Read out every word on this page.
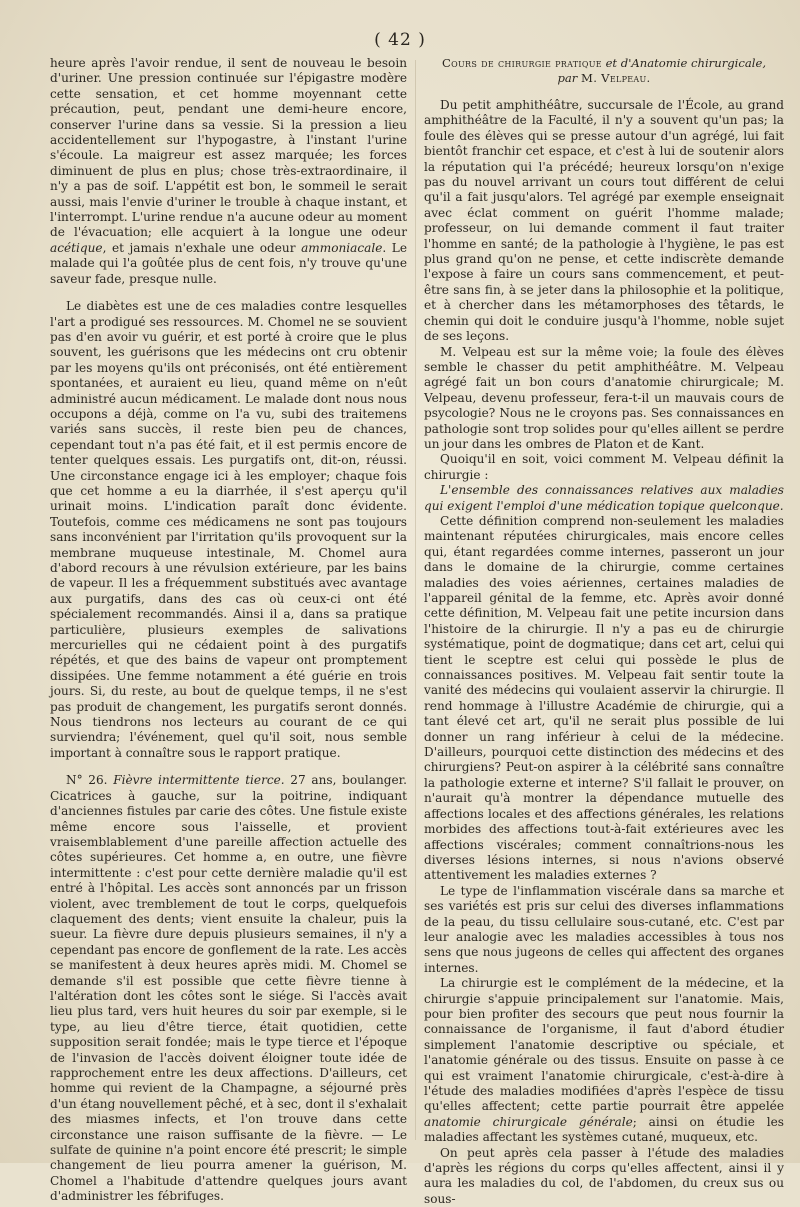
( 42 )

heure après l'avoir rendue, il sent de nouveau le besoin d'uriner. Une pression continuée sur l'épigastre modère cette sensation, et cet homme moyennant cette précaution, peut, pendant une demi-heure encore, conserver l'urine dans sa vessie. Si la pression a lieu accidentellement sur l'hypogastre, à l'instant l'urine s'écoule. La maigreur est assez marquée; les forces diminuent de plus en plus; chose très-extraordinaire, il n'y a pas de soif. L'appétit est bon, le sommeil le serait aussi, mais l'envie d'uriner le trouble à chaque instant, et l'interrompt. L'urine rendue n'a aucune odeur au moment de l'évacuation; elle acquiert à la longue une odeur acétique, et jamais n'exhale une odeur ammoniacale. Le malade qui l'a goûtée plus de cent fois, n'y trouve qu'une saveur fade, presque nulle.

Le diabètes est une de ces maladies contre lesquelles l'art a prodigué ses ressources. M. Chomel ne se souvient pas d'en avoir vu guérir, et est porté à croire que le plus souvent, les guérisons que les médecins ont cru obtenir par les moyens qu'ils ont préconisés, ont été entièrement spontanées, et auraient eu lieu, quand même on n'eût administré aucun médicament. Le malade dont nous nous occupons a déjà, comme on l'a vu, subi des traitemens variés sans succès, il reste bien peu de chances, cependant tout n'a pas été fait, et il est permis encore de tenter quelques essais. Les purgatifs ont, dit-on, réussi. Une circonstance engage ici à les employer; chaque fois que cet homme a eu la diarrhée, il s'est aperçu qu'il urinait moins. L'indication paraît donc évidente. Toutefois, comme ces médicamens ne sont pas toujours sans inconvénient par l'irritation qu'ils provoquent sur la membrane muqueuse intestinale, M. Chomel aura d'abord recours à une révulsion extérieure, par les bains de vapeur. Il les a fréquemment substitués avec avantage aux purgatifs, dans des cas où ceux-ci ont été spécialement recommandés. Ainsi il a, dans sa pratique particulière, plusieurs exemples de salivations mercurielles qui ne cédaient point à des purgatifs répétés, et que des bains de vapeur ont promptement dissipées. Une femme notamment a été guérie en trois jours. Si, du reste, au bout de quelque temps, il ne s'est pas produit de changement, les purgatifs seront donnés. Nous tiendrons nos lecteurs au courant de ce qui surviendra; l'événement, quel qu'il soit, nous semble important à connaître sous le rapport pratique.

N° 26. Fièvre intermittente tierce. 27 ans, boulanger. Cicatrices à gauche, sur la poitrine, indiquant d'anciennes fistules par carie des côtes. Une fistule existe même encore sous l'aisselle, et provient vraisemblablement d'une pareille affection actuelle des côtes supérieures. Cet homme a, en outre, une fièvre intermittente : c'est pour cette dernière maladie qu'il est entré à l'hôpital. Les accès sont annoncés par un frisson violent, avec tremblement de tout le corps, quelquefois claquement des dents; vient ensuite la chaleur, puis la sueur. La fièvre dure depuis plusieurs semaines, il n'y a cependant pas encore de gonflement de la rate. Les accès se manifestent à deux heures après midi. M. Chomel se demande s'il est possible que cette fièvre tienne à l'altération dont les côtes sont le siége. Si l'accès avait lieu plus tard, vers huit heures du soir par exemple, si le type, au lieu d'être tierce, était quotidien, cette supposition serait fondée; mais le type tierce et l'époque de l'invasion de l'accès doivent éloigner toute idée de rapprochement entre les deux affections. D'ailleurs, cet homme qui revient de la Champagne, a séjourné près d'un étang nouvellement pêché, et à sec, dont il s'exhalait des miasmes infects, et l'on trouve dans cette circonstance une raison suffisante de la fièvre. — Le sulfate de quinine n'a point encore été prescrit; le simple changement de lieu pourra amener la guérison, M. Chomel a l'habitude d'attendre quelques jours avant d'administrer les fébrifuges.

Cours de chirurgie pratique et d'Anatomie chirurgicale,
par M. Velpeau.

Du petit amphithéâtre, succursale de l'École, au grand amphithéâtre de la Faculté, il n'y a souvent qu'un pas; la foule des élèves qui se presse autour d'un agrégé, lui fait bientôt franchir cet espace, et c'est à lui de soutenir alors la réputation qui l'a précédé; heureux lorsqu'on n'exige pas du nouvel arrivant un cours tout différent de celui qu'il a fait jusqu'alors. Tel agrégé par exemple enseignait avec éclat comment on guérit l'homme malade; professeur, on lui demande comment il faut traiter l'homme en santé; de la pathologie à l'hygiène, le pas est plus grand qu'on ne pense, et cette indiscrète demande l'expose à faire un cours sans commencement, et peut-être sans fin, à se jeter dans la philosophie et la politique, et à chercher dans les métamorphoses des têtards, le chemin qui doit le conduire jusqu'à l'homme, noble sujet de ses leçons.

M. Velpeau est sur la même voie; la foule des élèves semble le chasser du petit amphithéâtre. M. Velpeau agrégé fait un bon cours d'anatomie chirurgicale; M. Velpeau, devenu professeur, fera-t-il un mauvais cours de psycologie? Nous ne le croyons pas. Ses connaissances en pathologie sont trop solides pour qu'elles aillent se perdre un jour dans les ombres de Platon et de Kant.

Quoiqu'il en soit, voici comment M. Velpeau définit la chirurgie :

L'ensemble des connaissances relatives aux maladies qui exigent l'emploi d'une médication topique quelconque.

Cette définition comprend non-seulement les maladies maintenant réputées chirurgicales, mais encore celles qui, étant regardées comme internes, passeront un jour dans le domaine de la chirurgie, comme certaines maladies des voies aériennes, certaines maladies de l'appareil génital de la femme, etc. Après avoir donné cette définition, M. Velpeau fait une petite incursion dans l'histoire de la chirurgie. Il n'y a pas eu de chirurgie systématique, point de dogmatique; dans cet art, celui qui tient le sceptre est celui qui possède le plus de connaissances positives. M. Velpeau fait sentir toute la vanité des médecins qui voulaient asservir la chirurgie. Il rend hommage à l'illustre Académie de chirurgie, qui a tant élevé cet art, qu'il ne serait plus possible de lui donner un rang inférieur à celui de la médecine. D'ailleurs, pourquoi cette distinction des médecins et des chirurgiens? Peut-on aspirer à la célébrité sans connaître la pathologie externe et interne? S'il fallait le prouver, on n'aurait qu'à montrer la dépendance mutuelle des affections locales et des affections générales, les relations morbides des affections tout-à-fait extérieures avec les affections viscérales; comment connaîtrions-nous les diverses lésions internes, si nous n'avions observé attentivement les maladies externes ?

Le type de l'inflammation viscérale dans sa marche et ses variétés est pris sur celui des diverses inflammations de la peau, du tissu cellulaire sous-cutané, etc. C'est par leur analogie avec les maladies accessibles à tous nos sens que nous jugeons de celles qui affectent des organes internes.

La chirurgie est le complément de la médecine, et la chirurgie s'appuie principalement sur l'anatomie. Mais, pour bien profiter des secours que peut nous fournir la connaissance de l'organisme, il faut d'abord étudier simplement l'anatomie descriptive ou spéciale, et l'anatomie générale ou des tissus. Ensuite on passe à ce qui est vraiment l'anatomie chirurgicale, c'est-à-dire à l'étude des maladies modifiées d'après l'espèce de tissu qu'elles affectent; cette partie pourrait être appelée anatomie chirurgicale générale; ainsi on étudie les maladies affectant les systèmes cutané, muqueux, etc.

On peut après cela passer à l'étude des maladies d'après les régions du corps qu'elles affectent, ainsi il y aura les maladies du col, de l'abdomen, du creux sus ou sous-
